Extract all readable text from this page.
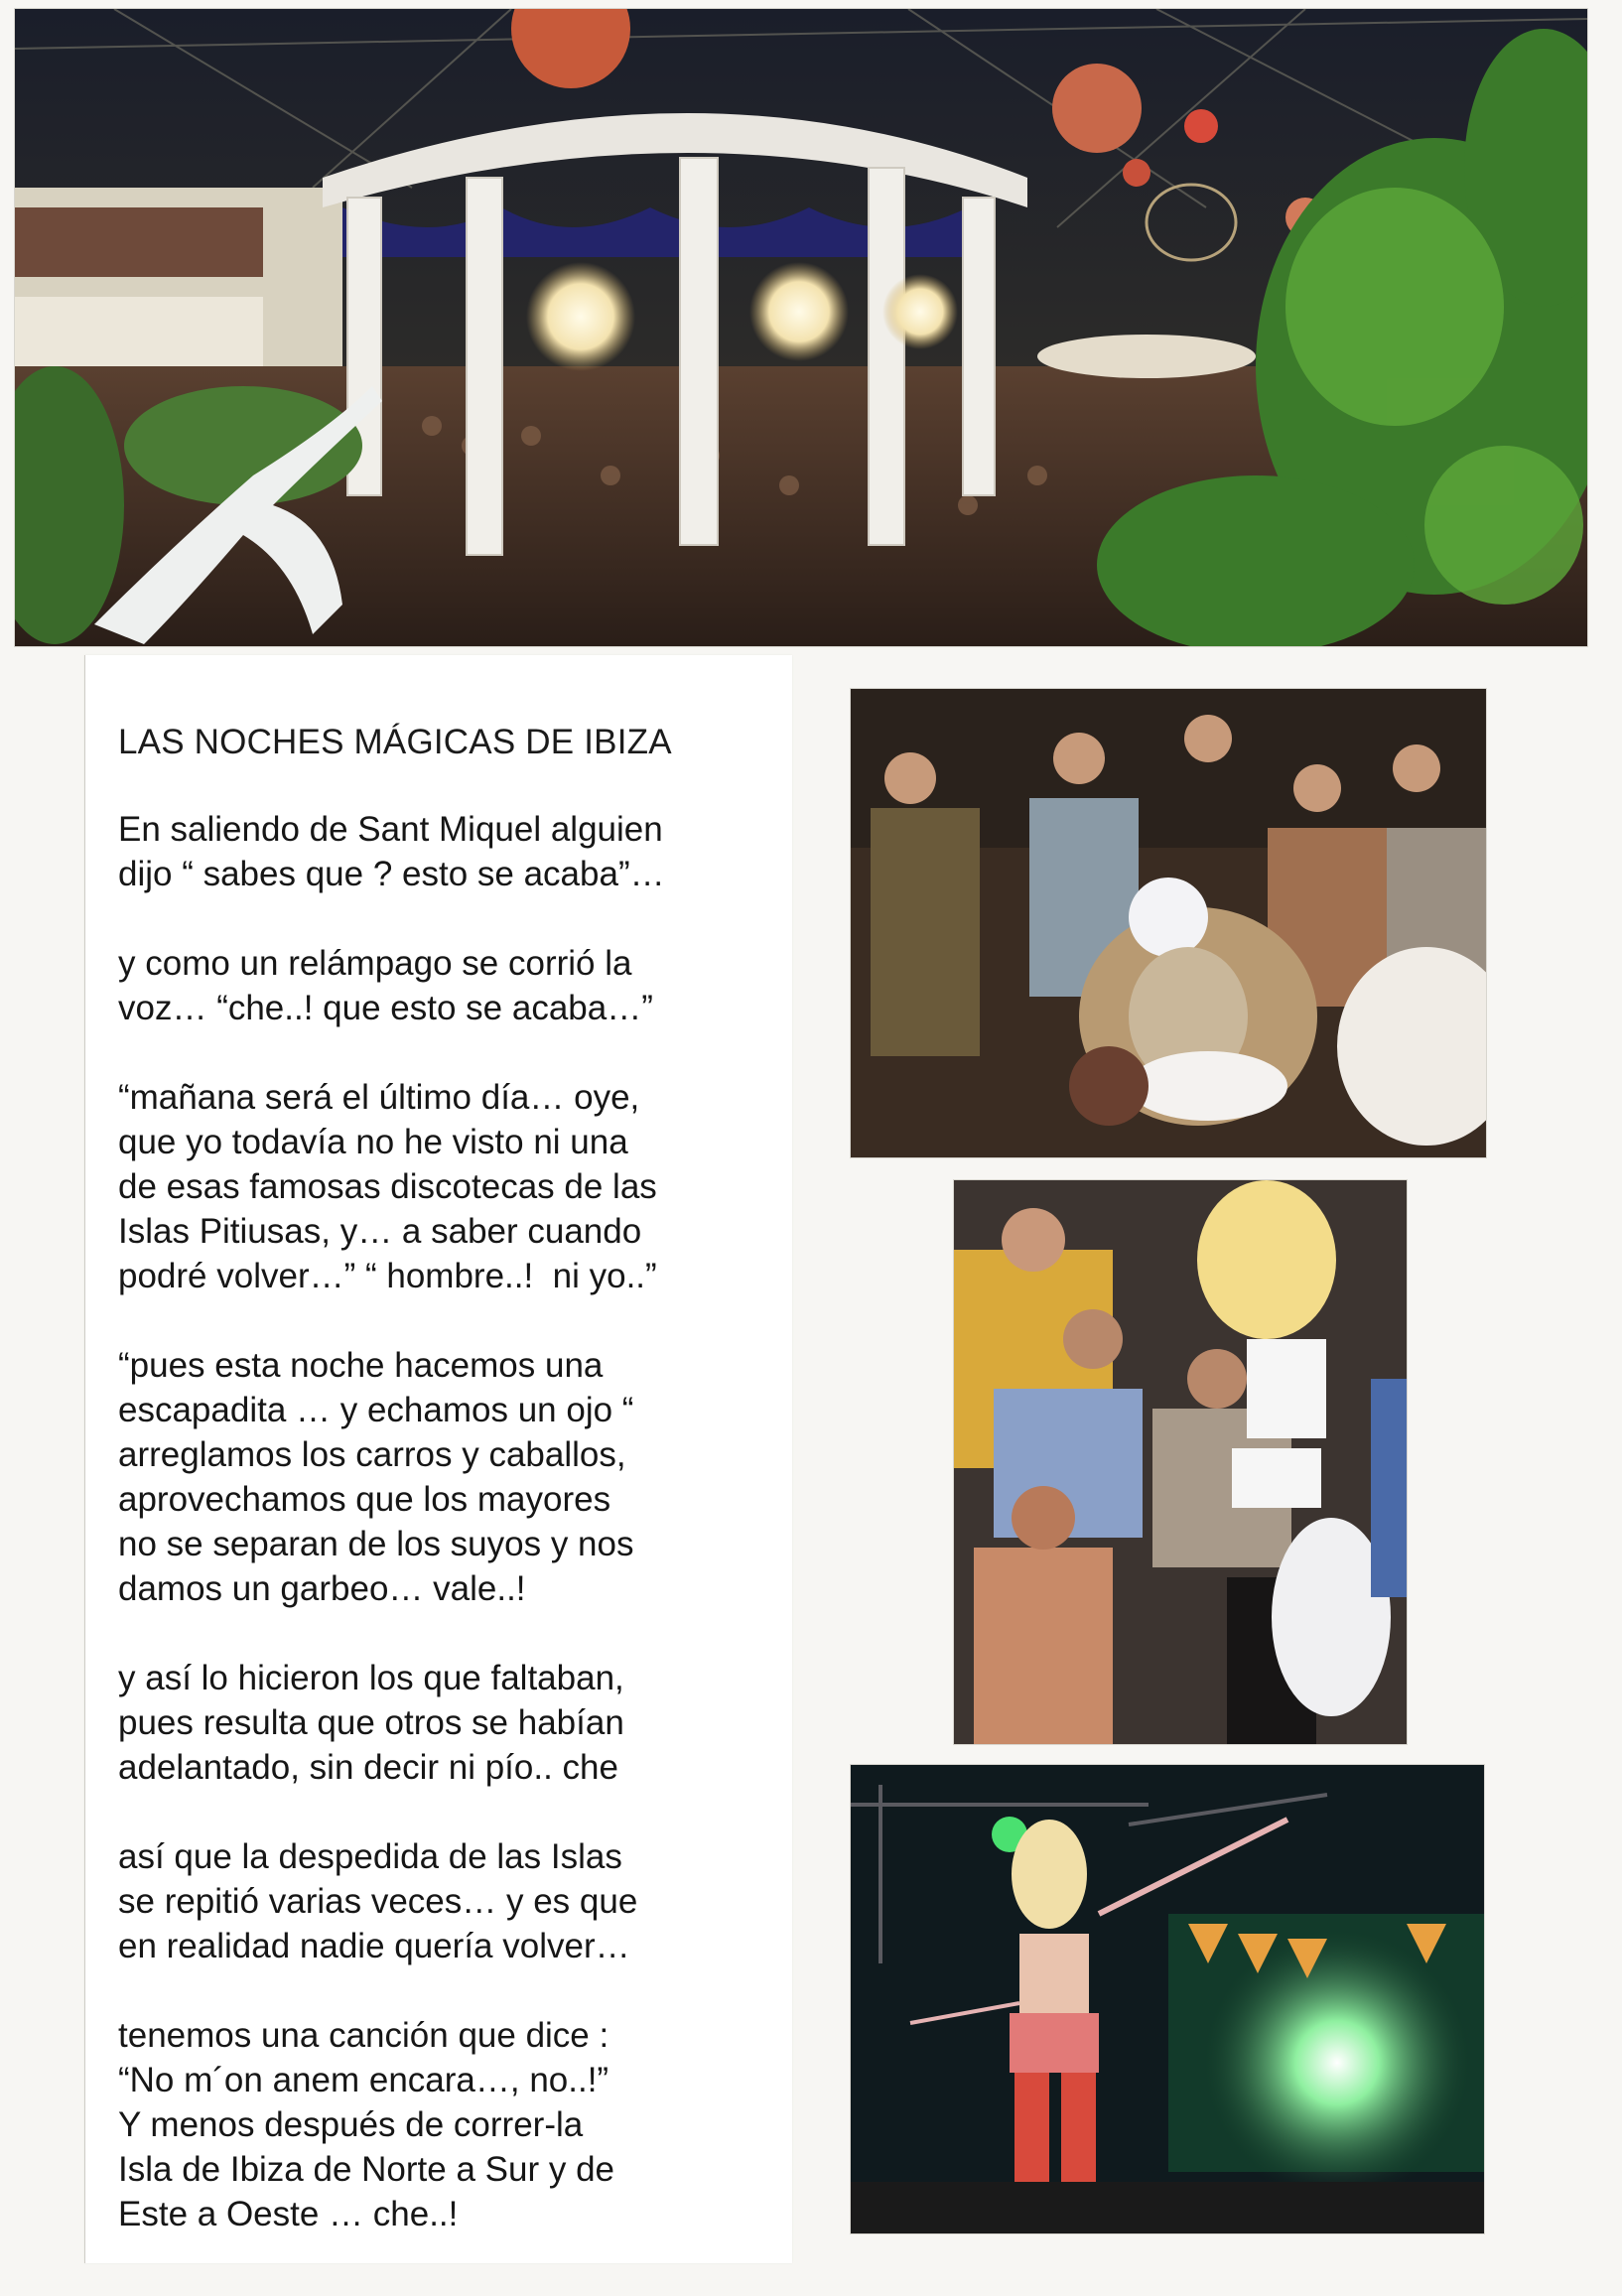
LAS NOCHES MÁGICAS DE IBIZA
En saliendo de Sant Miquel alguien
dijo “ sabes que ? esto se acaba”…
y como un relámpago se corrió la
voz… “che..! que esto se acaba…”
“mañana será el último día… oye,
que yo todavía no he visto ni una
de esas famosas discotecas de las
Islas Pitiusas, y… a saber cuando
podré volver…” “ hombre..!  ni yo..”
“pues esta noche hacemos una
escapadita … y echamos un ojo “
arreglamos los carros y caballos,
aprovechamos que los mayores
no se separan de los suyos y nos
damos un garbeo… vale..!
y así lo hicieron los que faltaban,
pues resulta que otros se habían
adelantado, sin decir ni pío.. che
así que la despedida de las Islas
se repitió varias veces… y es que
en realidad nadie quería volver…
tenemos una canción que dice :
“No m´on anem encara…, no..!”
Y menos después de correr-la
Isla de Ibiza de Norte a Sur y de
Este a Oeste … che..!
